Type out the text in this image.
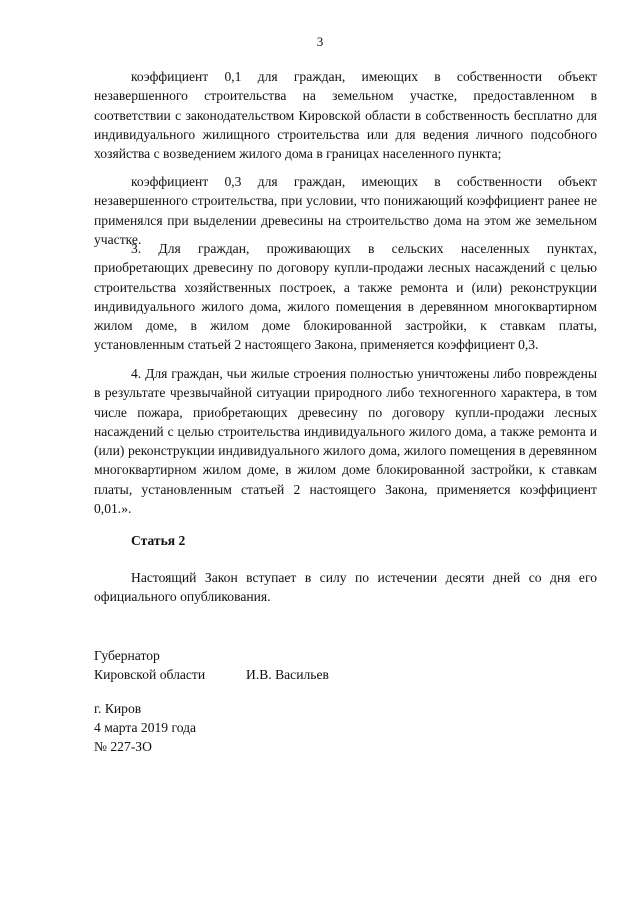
3

коэффициент 0,1 для граждан, имеющих в собственности объект незавершенного строительства на земельном участке, предоставленном в соответствии с законодательством Кировской области в собственность бесплатно для индивидуального жилищного строительства или для ведения личного подсобного хозяйства с возведением жилого дома в границах населенного пункта;

коэффициент 0,3 для граждан, имеющих в собственности объект незавершенного строительства, при условии, что понижающий коэффициент ранее не применялся при выделении древесины на строительство дома на этом же земельном участке.

3. Для граждан, проживающих в сельских населенных пунктах, приобретающих древесину по договору купли-продажи лесных насаждений с целью строительства хозяйственных построек, а также ремонта и (или) реконструкции индивидуального жилого дома, жилого помещения в деревянном многоквартирном жилом доме, в жилом доме блокированной застройки, к ставкам платы, установленным статьей 2 настоящего Закона, применяется коэффициент 0,3.

4. Для граждан, чьи жилые строения полностью уничтожены либо повреждены в результате чрезвычайной ситуации природного либо техногенного характера, в том числе пожара, приобретающих древесину по договору купли-продажи лесных насаждений с целью строительства индивидуального жилого дома, а также ремонта и (или) реконструкции индивидуального жилого дома, жилого помещения в деревянном многоквартирном жилом доме, в жилом доме блокированной застройки, к ставкам платы, установленным статьей 2 настоящего Закона, применяется коэффициент 0,01.».

Статья 2

Настоящий Закон вступает в силу по истечении десяти дней со дня его официального опубликования.

Губернатор
Кировской области	И.В. Васильев
г. Киров
4 марта 2019 года
№ 227-ЗО
